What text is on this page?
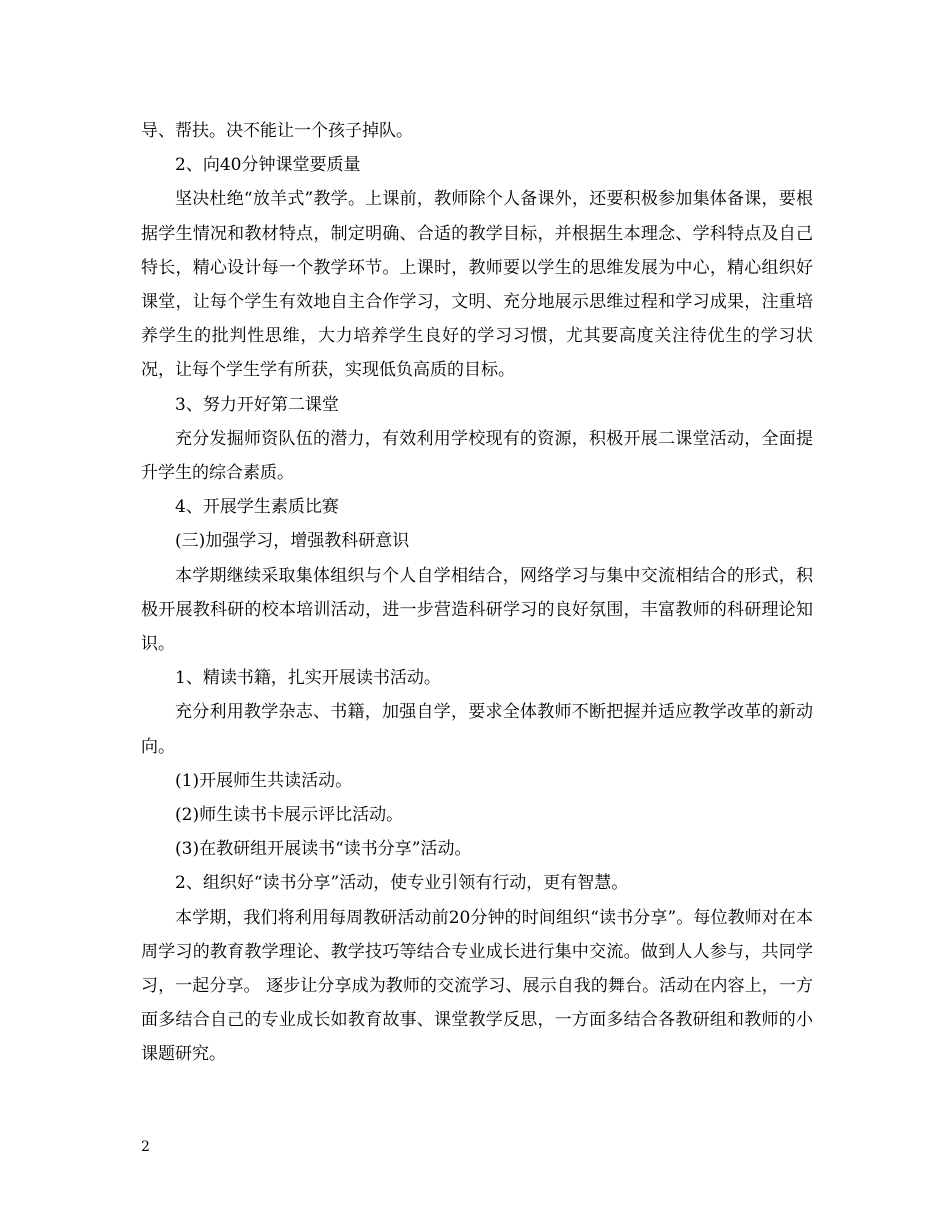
导、帮扶。决不能让一个孩子掉队。

2、向40分钟课堂要质量

坚决杜绝“放羊式”教学。上课前，教师除个人备课外，还要积极参加集体备课，要根据学生情况和教材特点，制定明确、合适的教学目标，并根据生本理念、学科特点及自己特长，精心设计每一个教学环节。上课时，教师要以学生的思维发展为中心，精心组织好课堂，让每个学生有效地自主合作学习，文明、充分地展示思维过程和学习成果，注重培养学生的批判性思维，大力培养学生良好的学习习惯，尤其要高度关注待优生的学习状况，让每个学生学有所获，实现低负高质的目标。

3、努力开好第二课堂

充分发掘师资队伍的潜力，有效利用学校现有的资源，积极开展二课堂活动，全面提升学生的综合素质。

4、开展学生素质比赛

(三)加强学习，增强教科研意识

本学期继续采取集体组织与个人自学相结合，网络学习与集中交流相结合的形式，积极开展教科研的校本培训活动，进一步营造科研学习的良好氛围，丰富教师的科研理论知识。

1、精读书籍，扎实开展读书活动。

充分利用教学杂志、书籍，加强自学，要求全体教师不断把握并适应教学改革的新动向。

(1)开展师生共读活动。

(2)师生读书卡展示评比活动。

(3)在教研组开展读书“读书分享”活动。

2、组织好“读书分享”活动，使专业引领有行动，更有智慧。

本学期，我们将利用每周教研活动前20分钟的时间组织“读书分享”。每位教师对在本周学习的教育教学理论、教学技巧等结合专业成长进行集中交流。做到人人参与，共同学习，一起分享。 逐步让分享成为教师的交流学习、展示自我的舞台。活动在内容上，一方面多结合自己的专业成长如教育故事、课堂教学反思，一方面多结合各教研组和教师的小课题研究。

2
